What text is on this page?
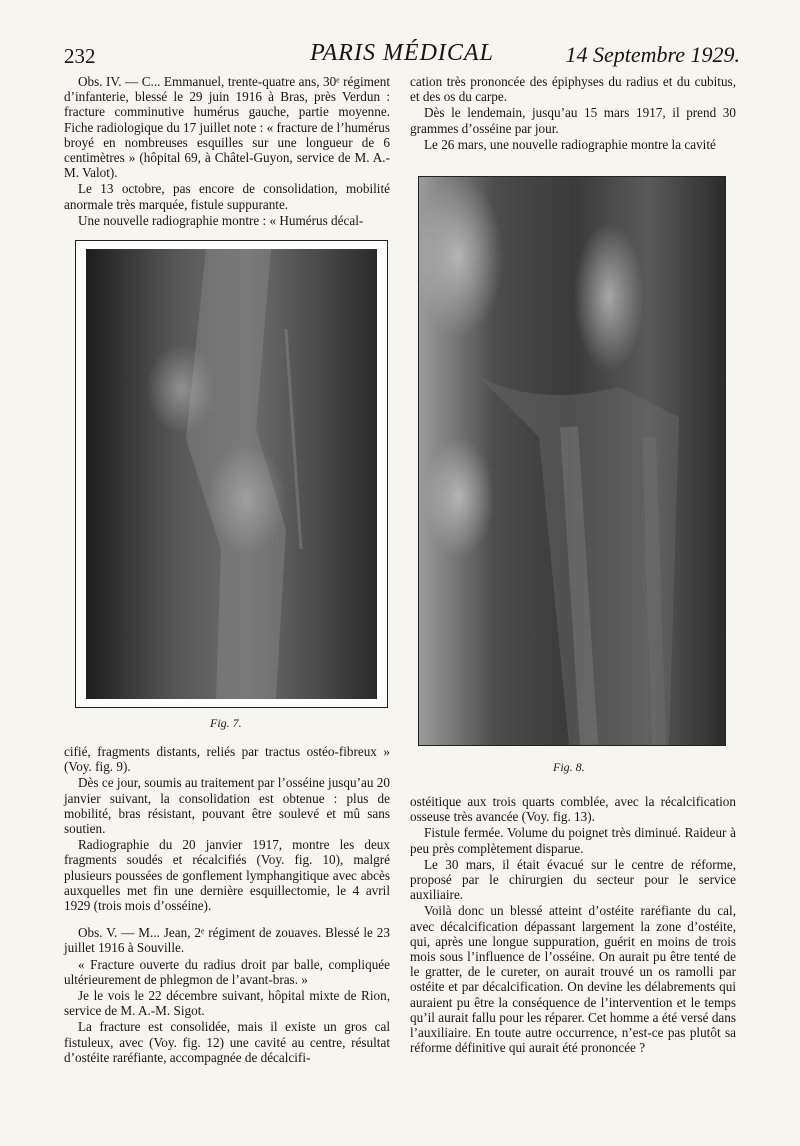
232	PARIS MÉDICAL	14 Septembre 1929.

Obs. IV. — C... Emmanuel, trente-quatre ans, 30ᵉ régiment d’infanterie, blessé le 29 juin 1916 à Bras, près Verdun : fracture comminutive humérus gauche, partie moyenne. Fiche radiologique du 17 juillet note : « fracture de l’humérus broyé en nombreuses esquilles sur une longueur de 6 centimètres » (hôpital 69, à Châtel-Guyon, service de M. A.-M. Valot).

Le 13 octobre, pas encore de consolidation, mobilité anormale très marquée, fistule suppurante.

Une nouvelle radiographie montre : « Humérus décal-

Fig. 7.

cifié, fragments distants, reliés par tractus ostéo-fibreux » (Voy. fig. 9).

Dès ce jour, soumis au traitement par l’osséine jusqu’au 20 janvier suivant, la consolidation est obtenue : plus de mobilité, bras résistant, pouvant être soulevé et mû sans soutien.

Radiographie du 20 janvier 1917, montre les deux fragments soudés et récalcifiés (Voy. fig. 10), malgré plusieurs poussées de gonflement lymphangitique avec abcès auxquelles met fin une dernière esquillectomie, le 4 avril 1929 (trois mois d’osséine).

Obs. V. — M... Jean, 2ᵉ régiment de zouaves. Blessé le 23 juillet 1916 à Souville.

« Fracture ouverte du radius droit par balle, compliquée ultérieurement de phlegmon de l’avant-bras. »

Je le vois le 22 décembre suivant, hôpital mixte de Rion, service de M. A.-M. Sigot.

La fracture est consolidée, mais il existe un gros cal fistuleux, avec (Voy. fig. 12) une cavité au centre, résultat d’ostéite raréfiante, accompagnée de décalcifi-

cation très prononcée des épiphyses du radius et du cubitus, et des os du carpe.

Dès le lendemain, jusqu’au 15 mars 1917, il prend 30 grammes d’osséine par jour.

Le 26 mars, une nouvelle radiographie montre la cavité

Fig. 8.

ostéitique aux trois quarts comblée, avec la récalcification osseuse très avancée (Voy. fig. 13).

Fistule fermée. Volume du poignet très diminué. Raideur à peu près complètement disparue.

Le 30 mars, il était évacué sur le centre de réforme, proposé par le chirurgien du secteur pour le service auxiliaire.

Voilà donc un blessé atteint d’ostéite raréfiante du cal, avec décalcification dépassant largement la zone d’ostéite, qui, après une longue suppuration, guérit en moins de trois mois sous l’influence de l’osséine. On aurait pu être tenté de le gratter, de le cureter, on aurait trouvé un os ramolli par ostéite et par décalcification. On devine les délabrements qui auraient pu être la conséquence de l’intervention et le temps qu’il aurait fallu pour les réparer. Cet homme a été versé dans l’auxiliaire. En toute autre occurrence, n’est-ce pas plutôt sa réforme définitive qui aurait été prononcée ?
